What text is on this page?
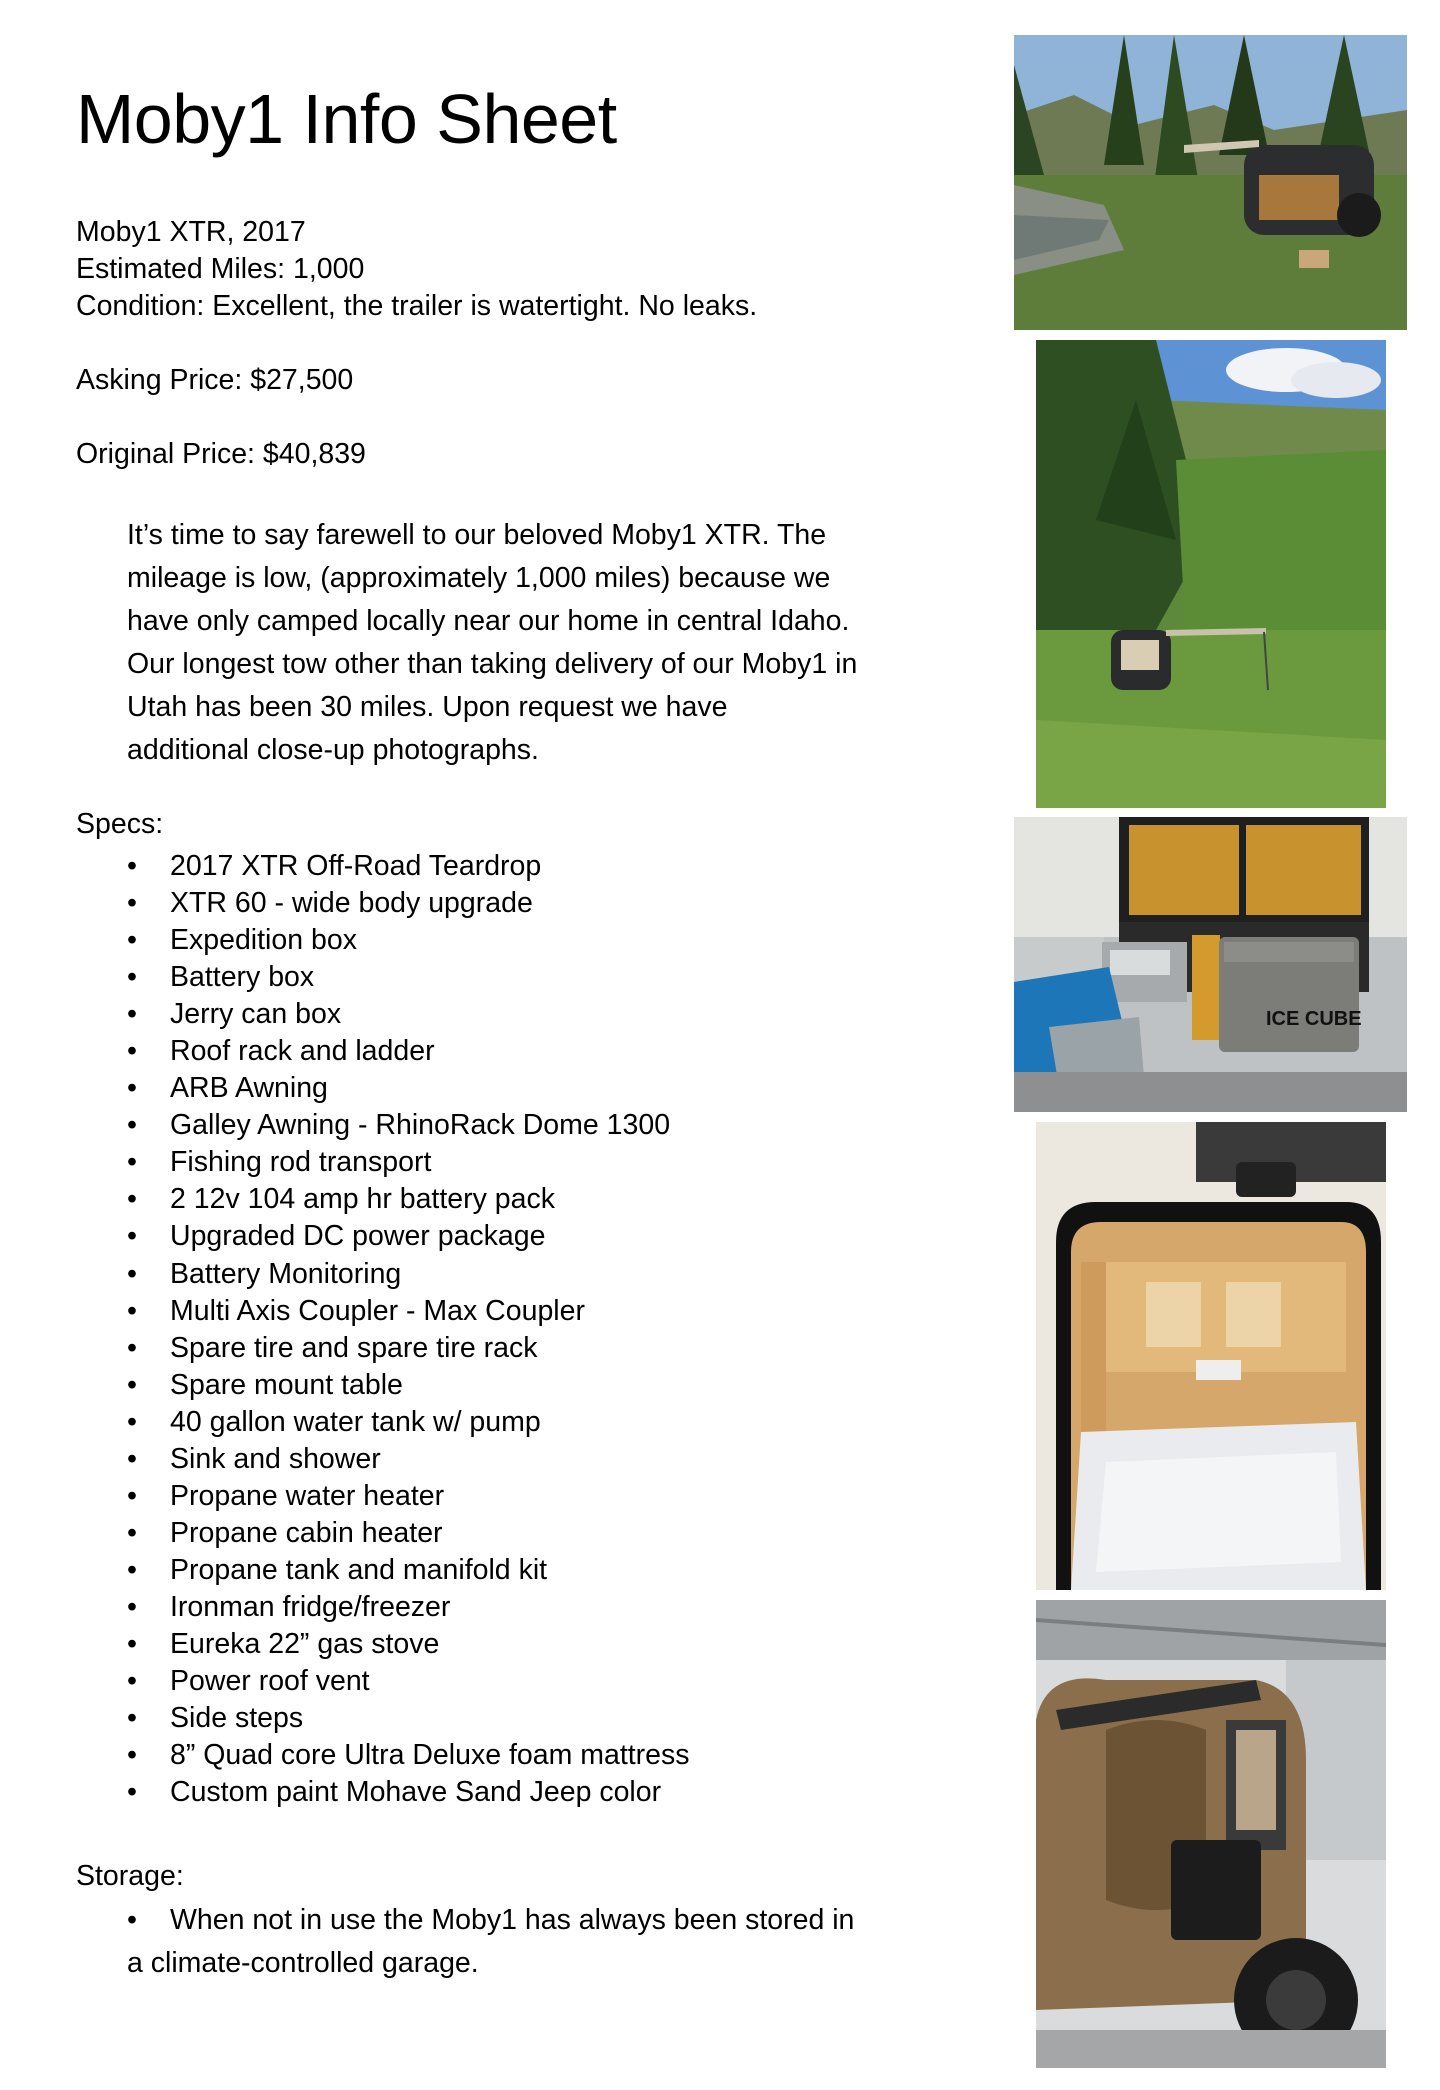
Moby1 Info Sheet
Moby1 XTR, 2017
Estimated Miles: 1,000
Condition: Excellent, the trailer is watertight. No leaks.
Asking Price: $27,500
Original Price: $40,839
It’s time to say farewell to our beloved Moby1 XTR. The
mileage is low, (approximately 1,000 miles) because we
have only camped locally near our home in central Idaho.
Our longest tow other than taking delivery of our Moby1 in
Utah has been 30 miles. Upon request we have
additional close-up photographs.
Specs:
• 2017 XTR Off-Road Teardrop
• XTR 60 - wide body upgrade
• Expedition box
• Battery box
• Jerry can box
• Roof rack and ladder
• ARB Awning
• Galley Awning - RhinoRack Dome 1300
• Fishing rod transport
• 2 12v 104 amp hr battery pack
• Upgraded DC power package
• Battery Monitoring
• Multi Axis Coupler - Max Coupler
• Spare tire and spare tire rack
• Spare mount table
• 40 gallon water tank w/ pump
• Sink and shower
• Propane water heater
• Propane cabin heater
• Propane tank and manifold kit
• Ironman fridge/freezer
• Eureka 22” gas stove
• Power roof vent
• Side steps
• 8” Quad core Ultra Deluxe foam mattress
• Custom paint Mohave Sand Jeep color
Storage:
• When not in use the Moby1 has always been stored in
a climate-controlled garage.
ICE CUBE
